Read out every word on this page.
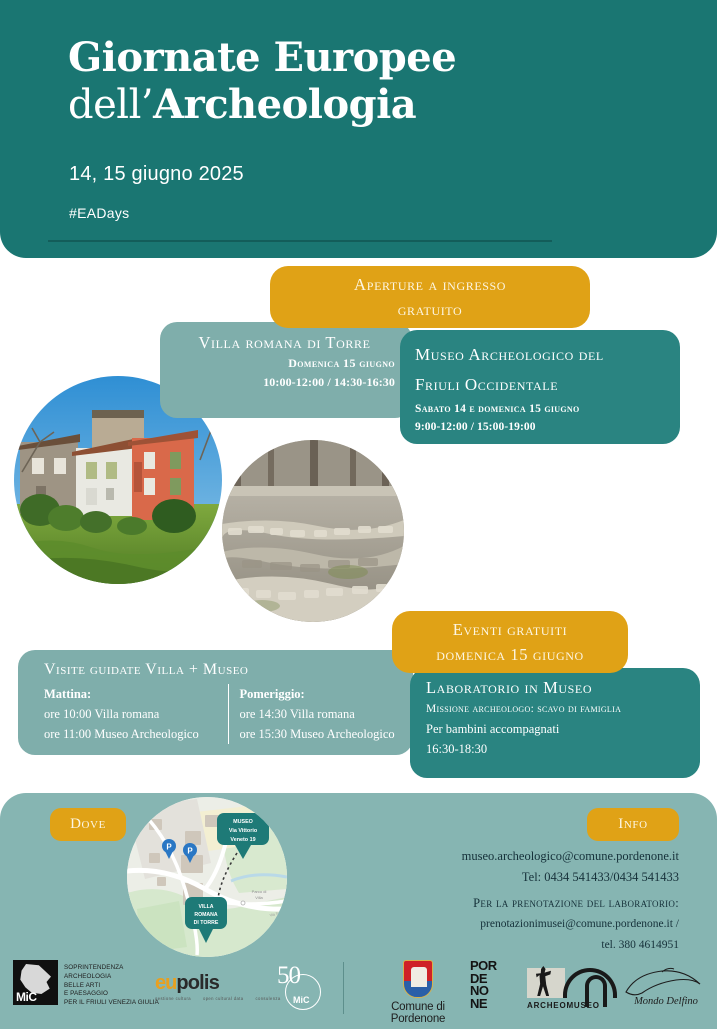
Giornate Europee
dell’Archeologia
14, 15 giugno 2025
#EADays
Aperture a ingresso
gratuito
Villa romana di Torre
Domenica 15 giugno
10:00-12:00 / 14:30-16:30
Museo Archeologico del
Friuli Occidentale
Sabato 14 e domenica 15 giugno
9:00-12:00 / 15:00-19:00
Eventi gratuiti
domenica 15 giugno
Visite guidate Villa + Museo
Mattina:
ore 10:00 Villa romana
ore 11:00 Museo Archeologico
Pomeriggio:
ore 14:30 Villa romana
ore 15:30 Museo Archeologico
Laboratorio in Museo
Missione archeologo: scavo di famiglia
Per bambini accompagnati
16:30-18:30
Dove	Info
P P
MUSEO
Via Vittorio
Veneto 19
VILLA
ROMANA
DI TORRE
Parco di
Villa
Via Torre
museo.archeologico@comune.pordenone.it
Tel: 0434 541433/0434 541433
Per la prenotazione del laboratorio:
prenotazionimusei@comune.pordenone.it /
tel. 380 4614951
MiC
SOPRINTENDENZA
ARCHEOLOGIA
BELLE ARTI
E PAESAGGIO
PER IL FRIULI VENEZIA GIULIA
eupolis
gestione cultura	open cultural data	consulenza
50
MiC
Comune di Pordenone
POR
DE
NO
NE	ARCHEOMUSEO	Mondo Delfino
